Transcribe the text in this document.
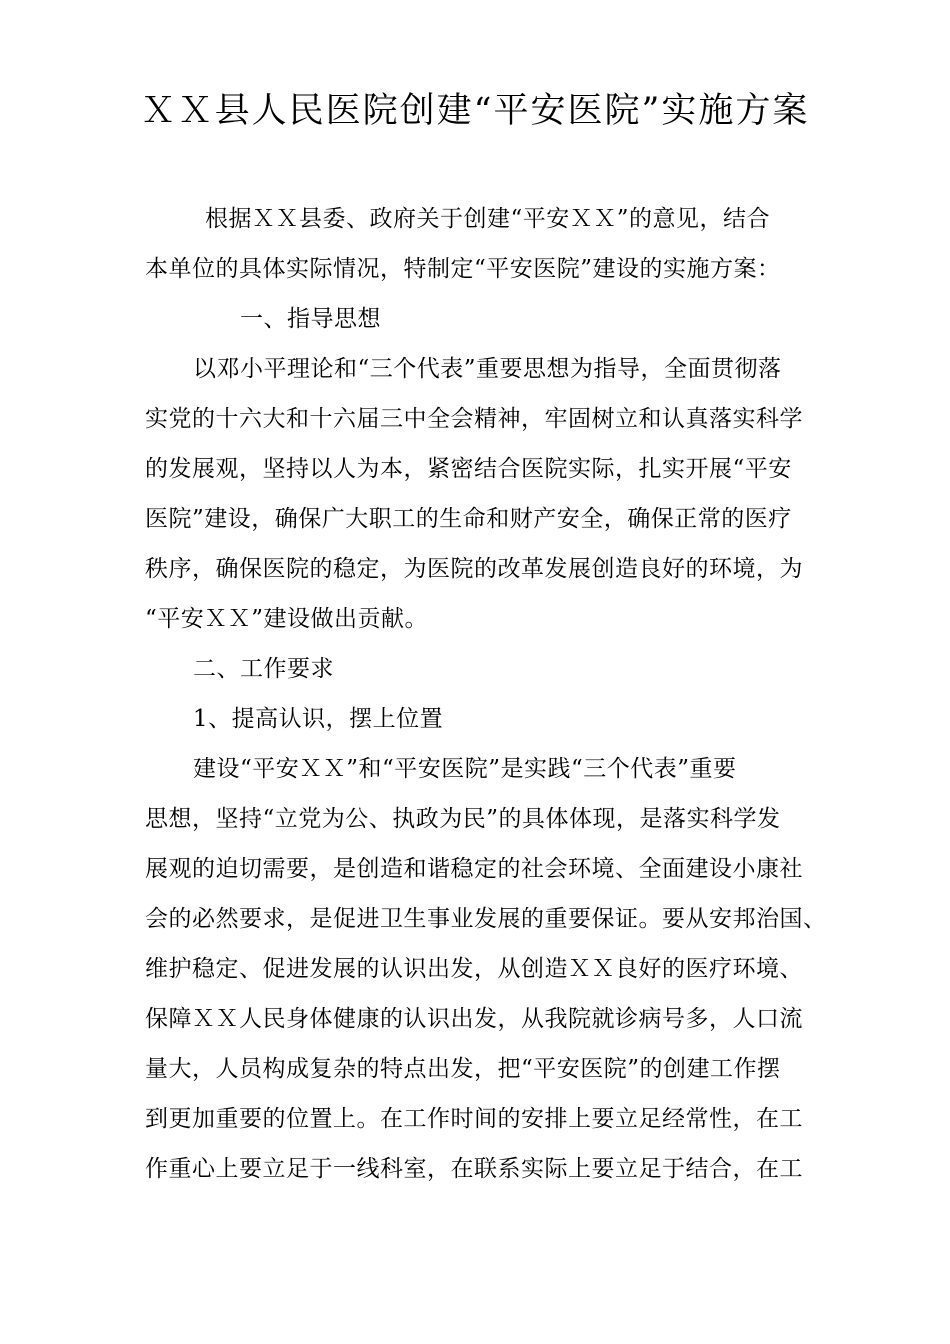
ＸＸ县人民医院创建“平安医院”实施方案
根据ＸＸ县委、政府关于创建“平安ＸＸ”的意见，结合
本单位的具体实际情况，特制定“平安医院”建设的实施方案：
一、指导思想
以邓小平理论和“三个代表”重要思想为指导，全面贯彻落
实党的十六大和十六届三中全会精神，牢固树立和认真落实科学
的发展观，坚持以人为本，紧密结合医院实际，扎实开展“平安
医院”建设，确保广大职工的生命和财产安全，确保正常的医疗
秩序，确保医院的稳定，为医院的改革发展创造良好的环境，为
“平安ＸＸ”建设做出贡献。
二、工作要求
1、提高认识，摆上位置
建设“平安ＸＸ”和“平安医院”是实践“三个代表”重要
思想，坚持“立党为公、执政为民”的具体体现，是落实科学发
展观的迫切需要，是创造和谐稳定的社会环境、全面建设小康社
会的必然要求，是促进卫生事业发展的重要保证。要从安邦治国、
维护稳定、促进发展的认识出发，从创造ＸＸ良好的医疗环境、
保障ＸＸ人民身体健康的认识出发，从我院就诊病号多，人口流
量大，人员构成复杂的特点出发，把“平安医院”的创建工作摆
到更加重要的位置上。在工作时间的安排上要立足经常性，在工
作重心上要立足于一线科室，在联系实际上要立足于结合，在工
